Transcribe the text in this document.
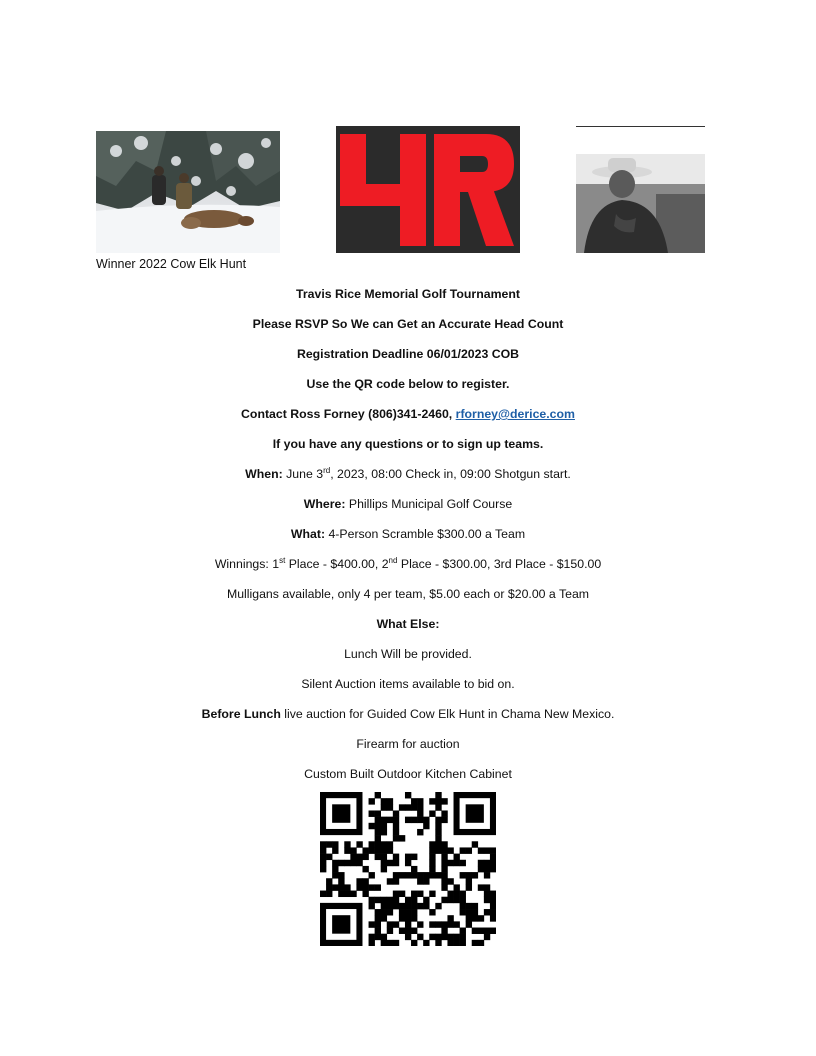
Winner 2022 Cow Elk Hunt
Travis Rice Memorial Golf Tournament
Please RSVP So We can Get an Accurate Head Count
Registration Deadline 06/01/2023 COB
Use the QR code below to register.
Contact Ross Forney (806)341-2460, rforney@derice.com
If you have any questions or to sign up teams.
When: June 3rd, 2023, 08:00 Check in, 09:00 Shotgun start.
Where: Phillips Municipal Golf Course
What: 4-Person Scramble $300.00 a Team
Winnings: 1st Place - $400.00, 2nd Place - $300.00, 3rd Place - $150.00
Mulligans available, only 4 per team, $5.00 each or $20.00 a Team
What Else:
Lunch Will be provided.
Silent Auction items available to bid on.
Before Lunch live auction for Guided Cow Elk Hunt in Chama New Mexico.
Firearm for auction
Custom Built Outdoor Kitchen Cabinet
